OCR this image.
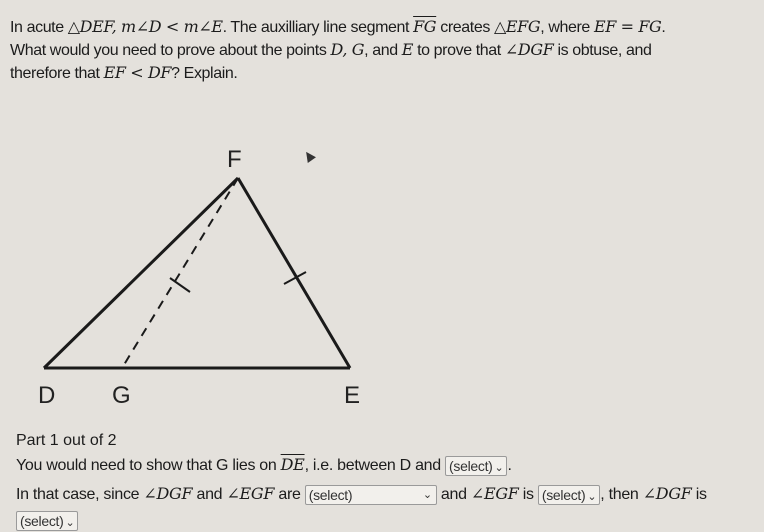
In acute △DEF, m∠D < m∠E. The auxilliary line segment $\overline{FG}$ creates △EFG, where EF = FG.

What would you need to prove about the points D, G, and E to prove that ∠DGF is obtuse, and

therefore that EF < DF? Explain.

F
D G	E
Part 1 out of 2
You would need to show that G lies on $\overline{DE}$, i.e. between D and (select) ⌄ .
In that case, since ∠DGF and ∠EGF are (select)	⌄ and ∠EGF is (select) ⌄ , then ∠DGF is
(select) ⌄
